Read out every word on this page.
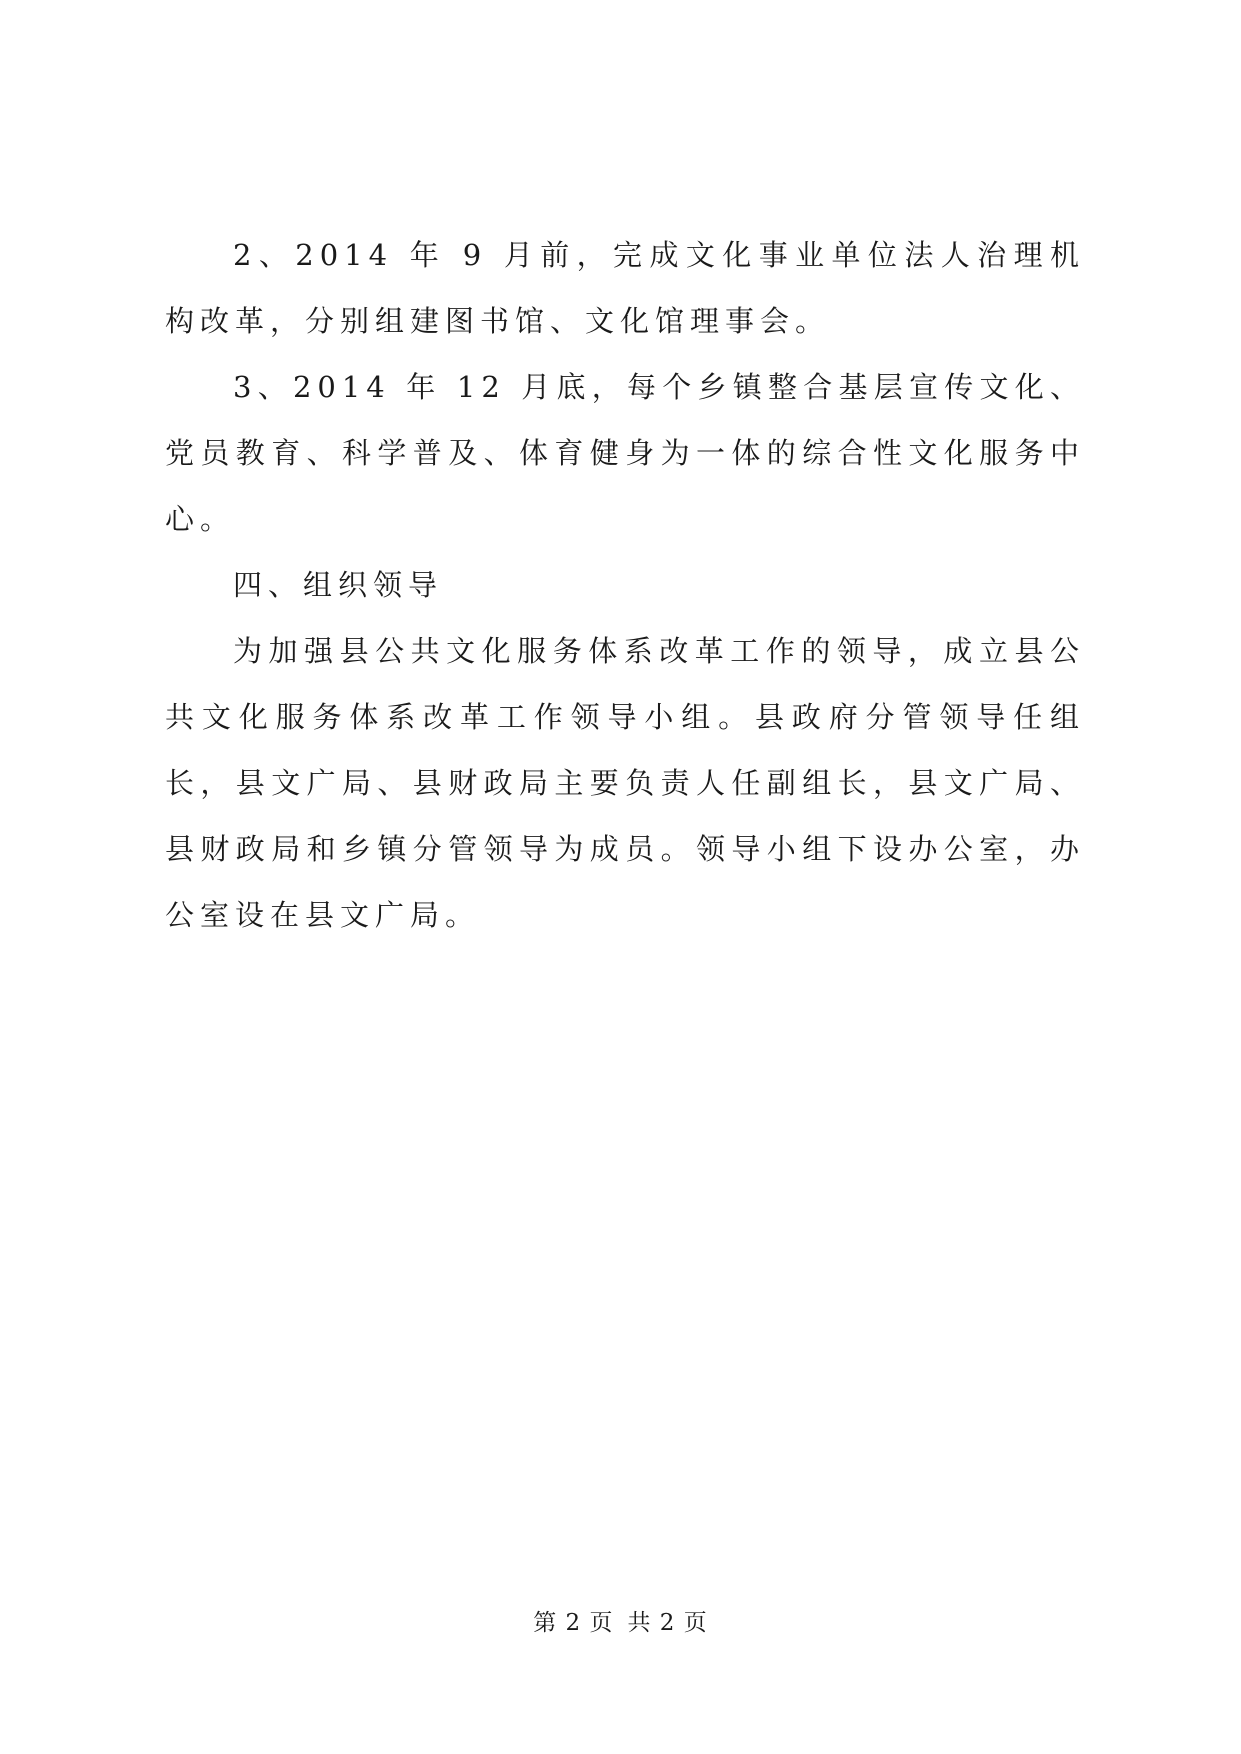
2、2014 年 9 月前，完成文化事业单位法人治理机构改革，分别组建图书馆、文化馆理事会。

3、2014 年 12 月底，每个乡镇整合基层宣传文化、党员教育、科学普及、体育健身为一体的综合性文化服务中心。

四、组织领导

为加强县公共文化服务体系改革工作的领导，成立县公共文化服务体系改革工作领导小组。县政府分管领导任组长，县文广局、县财政局主要负责人任副组长，县文广局、县财政局和乡镇分管领导为成员。领导小组下设办公室，办公室设在县文广局。

第 2 页 共 2 页
